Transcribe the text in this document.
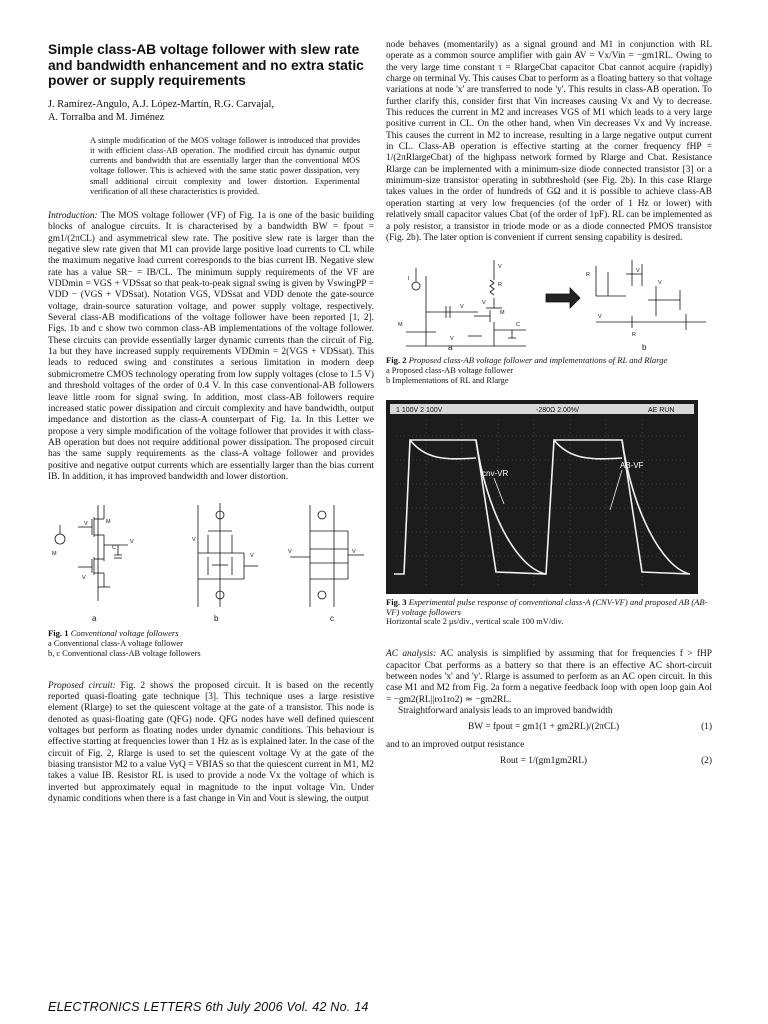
Simple class-AB voltage follower with slew rate and bandwidth enhancement and no extra static power or supply requirements
J. Ramírez-Angulo, A.J. López-Martín, R.G. Carvajal,
A. Torralba and M. Jiménez
A simple modification of the MOS voltage follower is introduced that provides it with efficient class-AB operation. The modified circuit has dynamic output currents and bandwidth that are essentially larger than the conventional MOS voltage follower. This is achieved with the same static power dissipation, very small additional circuit complexity and lower distortion. Experimental verification of all these characteristics is provided.

Introduction: The MOS voltage follower (VF) of Fig. 1a is one of the basic building blocks of analogue circuits. It is characterised by a bandwidth BW = fpout = gm1/(2πCL) and asymmetrical slew rate. The positive slew rate is larger than the negative slew rate given that M1 can provide large positive load currents to CL while the maximum negative load current corresponds to the bias current IB. Negative slew rate has a value SR− = IB/CL. The minimum supply requirements of the VF are VDDmin = VGS + VDSsat so that peak-to-peak signal swing is given by VswingPP = VDD − (VGS + VDSsat). Notation VGS, VDSsat and VDD denote the gate-source voltage, drain-source saturation voltage, and power supply voltage, respectively. Several class-AB modifications of the voltage follower have been reported [1, 2]. Figs. 1b and c show two common class-AB implementations of the voltage follower. These circuits can provide essentially larger dynamic currents than the circuit of Fig. 1a but they have increased supply requirements VDDmin = 2(VGS + VDSsat). This leads to reduced swing and constitutes a serious limitation in modern deep submicrometre CMOS technology operating from low supply voltages (close to 1.5 V) and threshold voltages of the order of 0.4 V. In this case conventional-AB followers leave little room for signal swing. In addition, most class-AB followers require increased static power dissipation and circuit complexity and have bandwidth, output impedance and distortion as the class-A counterpart of Fig. 1a. In this Letter we propose a very simple modification of the voltage follower that provides it with class-AB operation but does not require additional power dissipation. The proposed circuit has the same supply requirements as the class-A voltage follower and provides positive and negative output currents which are essentially larger than the bias current IB. In addition, it has improved bandwidth and lower distortion.

V	M
V
C
M
V
V
V
V	V
a	b	c
Fig. 1 Conventional voltage followers
a Conventional class-A voltage follower
b, c Conventional class-AB voltage followers

Proposed circuit: Fig. 2 shows the proposed circuit. It is based on the recently reported quasi-floating gate technique [3]. This technique uses a large resistive element (Rlarge) to set the quiescent voltage at the gate of a transistor. This node is denoted as quasi-floating gate (QFG) node. QFG nodes have well defined quiescent voltages but perform as floating nodes under dynamic conditions. This behaviour is effective starting at frequencies lower than 1 Hz as is explained later. In the case of the circuit of Fig. 2, Rlarge is used to set the quiescent voltage Vy at the gate of the biasing transistor M2 to a value VyQ = VBIAS so that the quiescent current in M1, M2 takes a value IB. Resistor RL is used to provide a node Vx the voltage of which is inverted but approximately equal in magnitude to the input voltage Vin. Under dynamic conditions when there is a fast change in Vin and Vout is slewing, the output

node behaves (momentarily) as a signal ground and M1 in conjunction with RL operate as a common source amplifier with gain AV = Vx/Vin = −gm1RL. Owing to the very large time constant τ = RlargeCbat capacitor Cbat cannot acquire (rapidly) charge on terminal Vy. This causes Cbat to perform as a floating battery so that voltage variations at node 'x' are transferred to node 'y'. This results in class-AB operation. To further clarify this, consider first that Vin increases causing Vx and Vy to decrease. This reduces the current in M2 and increases VGS of M1 which leads to a very large positive current in CL. On the other hand, when Vin decreases Vx and Vy increase. This causes the current in M2 to increase, resulting in a large negative output current in CL. Class-AB operation is effective starting at the corner frequency fHP = 1/(2πRlargeCbat) of the highpass network formed by Rlarge and Cbat. Resistance Rlarge can be implemented with a minimum-size diode connected transistor [3] or a minimum-size transistor operating in subthreshold (see Fig. 2b). In this case Rlarge takes values in the order of hundreds of GΩ and it is possible to achieve class-AB operation starting at very low frequencies (of the order of 1 Hz or lower) with relatively small capacitor values Cbat (of the order of 1pF). RL can be implemented as a poly resistor, a transistor in triode mode or as a diode connected PMOS transistor (Fig. 2b). The later option is convenient if current sensing capability is desired.

V
R
V
M
V
I
M	C
V
R
V
V
V
R
a	b
Fig. 2 Proposed class-AB voltage follower and implementations of RL and Rlarge
a Proposed class-AB voltage follower
b Implementations of RL and Rlarge
1 100V 2 100V	-280Ω 2.00%/	AE RUN
AB-VF
cnv-VR
Fig. 3 Experimental pulse response of conventional class-A (CNV-VF) and proposed AB (AB-VF) voltage followers
Horizontal scale 2 μs/div., vertical scale 100 mV/div.

AC analysis: AC analysis is simplified by assuming that for frequencies f > fHP capacitor Cbat performs as a battery so that there is an effective AC short-circuit between nodes 'x' and 'y'. Rlarge is assumed to perform as an AC open circuit. In this case M1 and M2 from Fig. 2a form a negative feedback loop with open loop gain Aol = −gm2(RL||rο1rο2) ≃ −gm2RL.

Straightforward analysis leads to an improved bandwidth

BW = fpout = gm1(1 + gm2RL)/(2πCL)	(1)

and to an improved output resistance

Rout = 1/(gm1gm2RL)	(2)
ELECTRONICS LETTERS 6th July 2006 Vol. 42 No. 14
